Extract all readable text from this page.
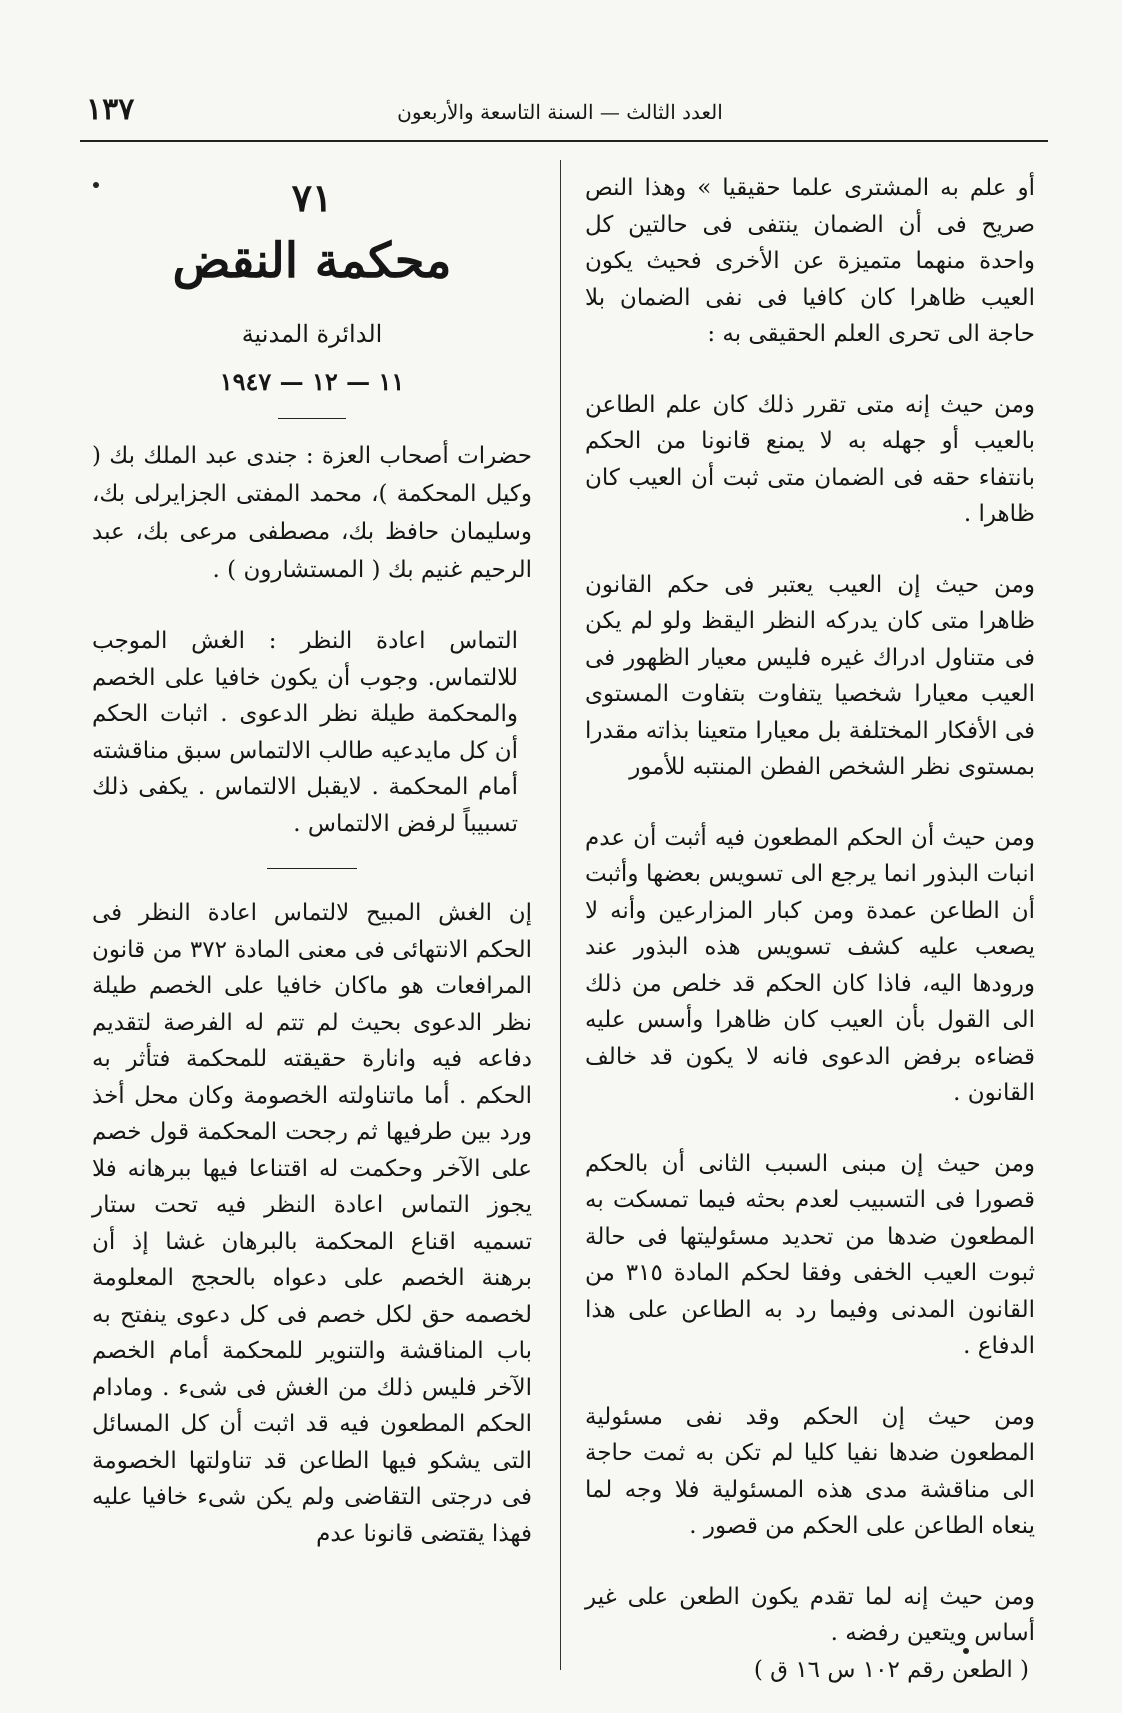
١٣٧	العدد الثالث — السنة التاسعة والأربعون

أو علم به المشترى علما حقيقيا » وهذا النص صريح فى أن الضمان ينتفى فى حالتين كل واحدة منهما متميزة عن الأخرى فحيث يكون العيب ظاهرا كان كافيا فى نفى الضمان بلا حاجة الى تحرى العلم الحقيقى به :

ومن حيث إنه متى تقرر ذلك كان علم الطاعن بالعيب أو جهله به لا يمنع قانونا من الحكم بانتفاء حقه فى الضمان متى ثبت أن العيب كان ظاهرا .

ومن حيث إن العيب يعتبر فى حكم القانون ظاهرا متى كان يدركه النظر اليقظ ولو لم يكن فى متناول ادراك غيره فليس معيار الظهور فى العيب معيارا شخصيا يتفاوت بتفاوت المستوى فى الأفكار المختلفة بل معيارا متعينا بذاته مقدرا بمستوى نظر الشخص الفطن المنتبه للأمور

ومن حيث أن الحكم المطعون فيه أثبت أن عدم انبات البذور انما يرجع الى تسويس بعضها وأثبت أن الطاعن عمدة ومن كبار المزارعين وأنه لا يصعب عليه كشف تسويس هذه البذور عند ورودها اليه، فاذا كان الحكم قد خلص من ذلك الى القول بأن العيب كان ظاهرا وأسس عليه قضاءه برفض الدعوى فانه لا يكون قد خالف القانون .

ومن حيث إن مبنى السبب الثانى أن بالحكم قصورا فى التسبيب لعدم بحثه فيما تمسكت به المطعون ضدها من تحديد مسئوليتها فى حالة ثبوت العيب الخفى وفقا لحكم المادة ٣١٥ من القانون المدنى وفيما رد به الطاعن على هذا الدفاع .

ومن حيث إن الحكم وقد نفى مسئولية المطعون ضدها نفيا كليا لم تكن به ثمت حاجة الى مناقشة مدى هذه المسئولية فلا وجه لما ينعاه الطاعن على الحكم من قصور .

ومن حيث إنه لما تقدم يكون الطعن على غير أساس ويتعين رفضه .

( الطعن رقم ١٠٢ س ١٦ ق )

٧١
محكمة النقض
الدائرة المدنية
١١ — ١٢ — ١٩٤٧

حضرات أصحاب العزة : جندى عبد الملك بك ( وكيل المحكمة )، محمد المفتى الجزايرلى بك، وسليمان حافظ بك، مصطفى مرعى بك، عبد الرحيم غنيم بك ( المستشارون ) .

التماس اعادة النظر : الغش الموجب للالتماس. وجوب أن يكون خافيا على الخصم والمحكمة طيلة نظر الدعوى . اثبات الحكم أن كل مايدعيه طالب الالتماس سبق مناقشته أمام المحكمة . لايقبل الالتماس . يكفى ذلك تسبيباً لرفض الالتماس .

إن الغش المبيح لالتماس اعادة النظر فى الحكم الانتهائى فى معنى المادة ٣٧٢ من قانون المرافعات هو ماكان خافيا على الخصم طيلة نظر الدعوى بحيث لم تتم له الفرصة لتقديم دفاعه فيه وانارة حقيقته للمحكمة فتأثر به الحكم . أما ماتناولته الخصومة وكان محل أخذ ورد بين طرفيها ثم رجحت المحكمة قول خصم على الآخر وحكمت له اقتناعا فيها ببرهانه فلا يجوز التماس اعادة النظر فيه تحت ستار تسميه اقناع المحكمة بالبرهان غشا إذ أن برهنة الخصم على دعواه بالحجج المعلومة لخصمه حق لكل خصم فى كل دعوى ينفتح به باب المناقشة والتنوير للمحكمة أمام الخصم الآخر فليس ذلك من الغش فى شىء . ومادام الحكم المطعون فيه قد اثبت أن كل المسائل التى يشكو فيها الطاعن قد تناولتها الخصومة فى درجتى التقاضى ولم يكن شىء خافيا عليه فهذا يقتضى قانونا عدم
